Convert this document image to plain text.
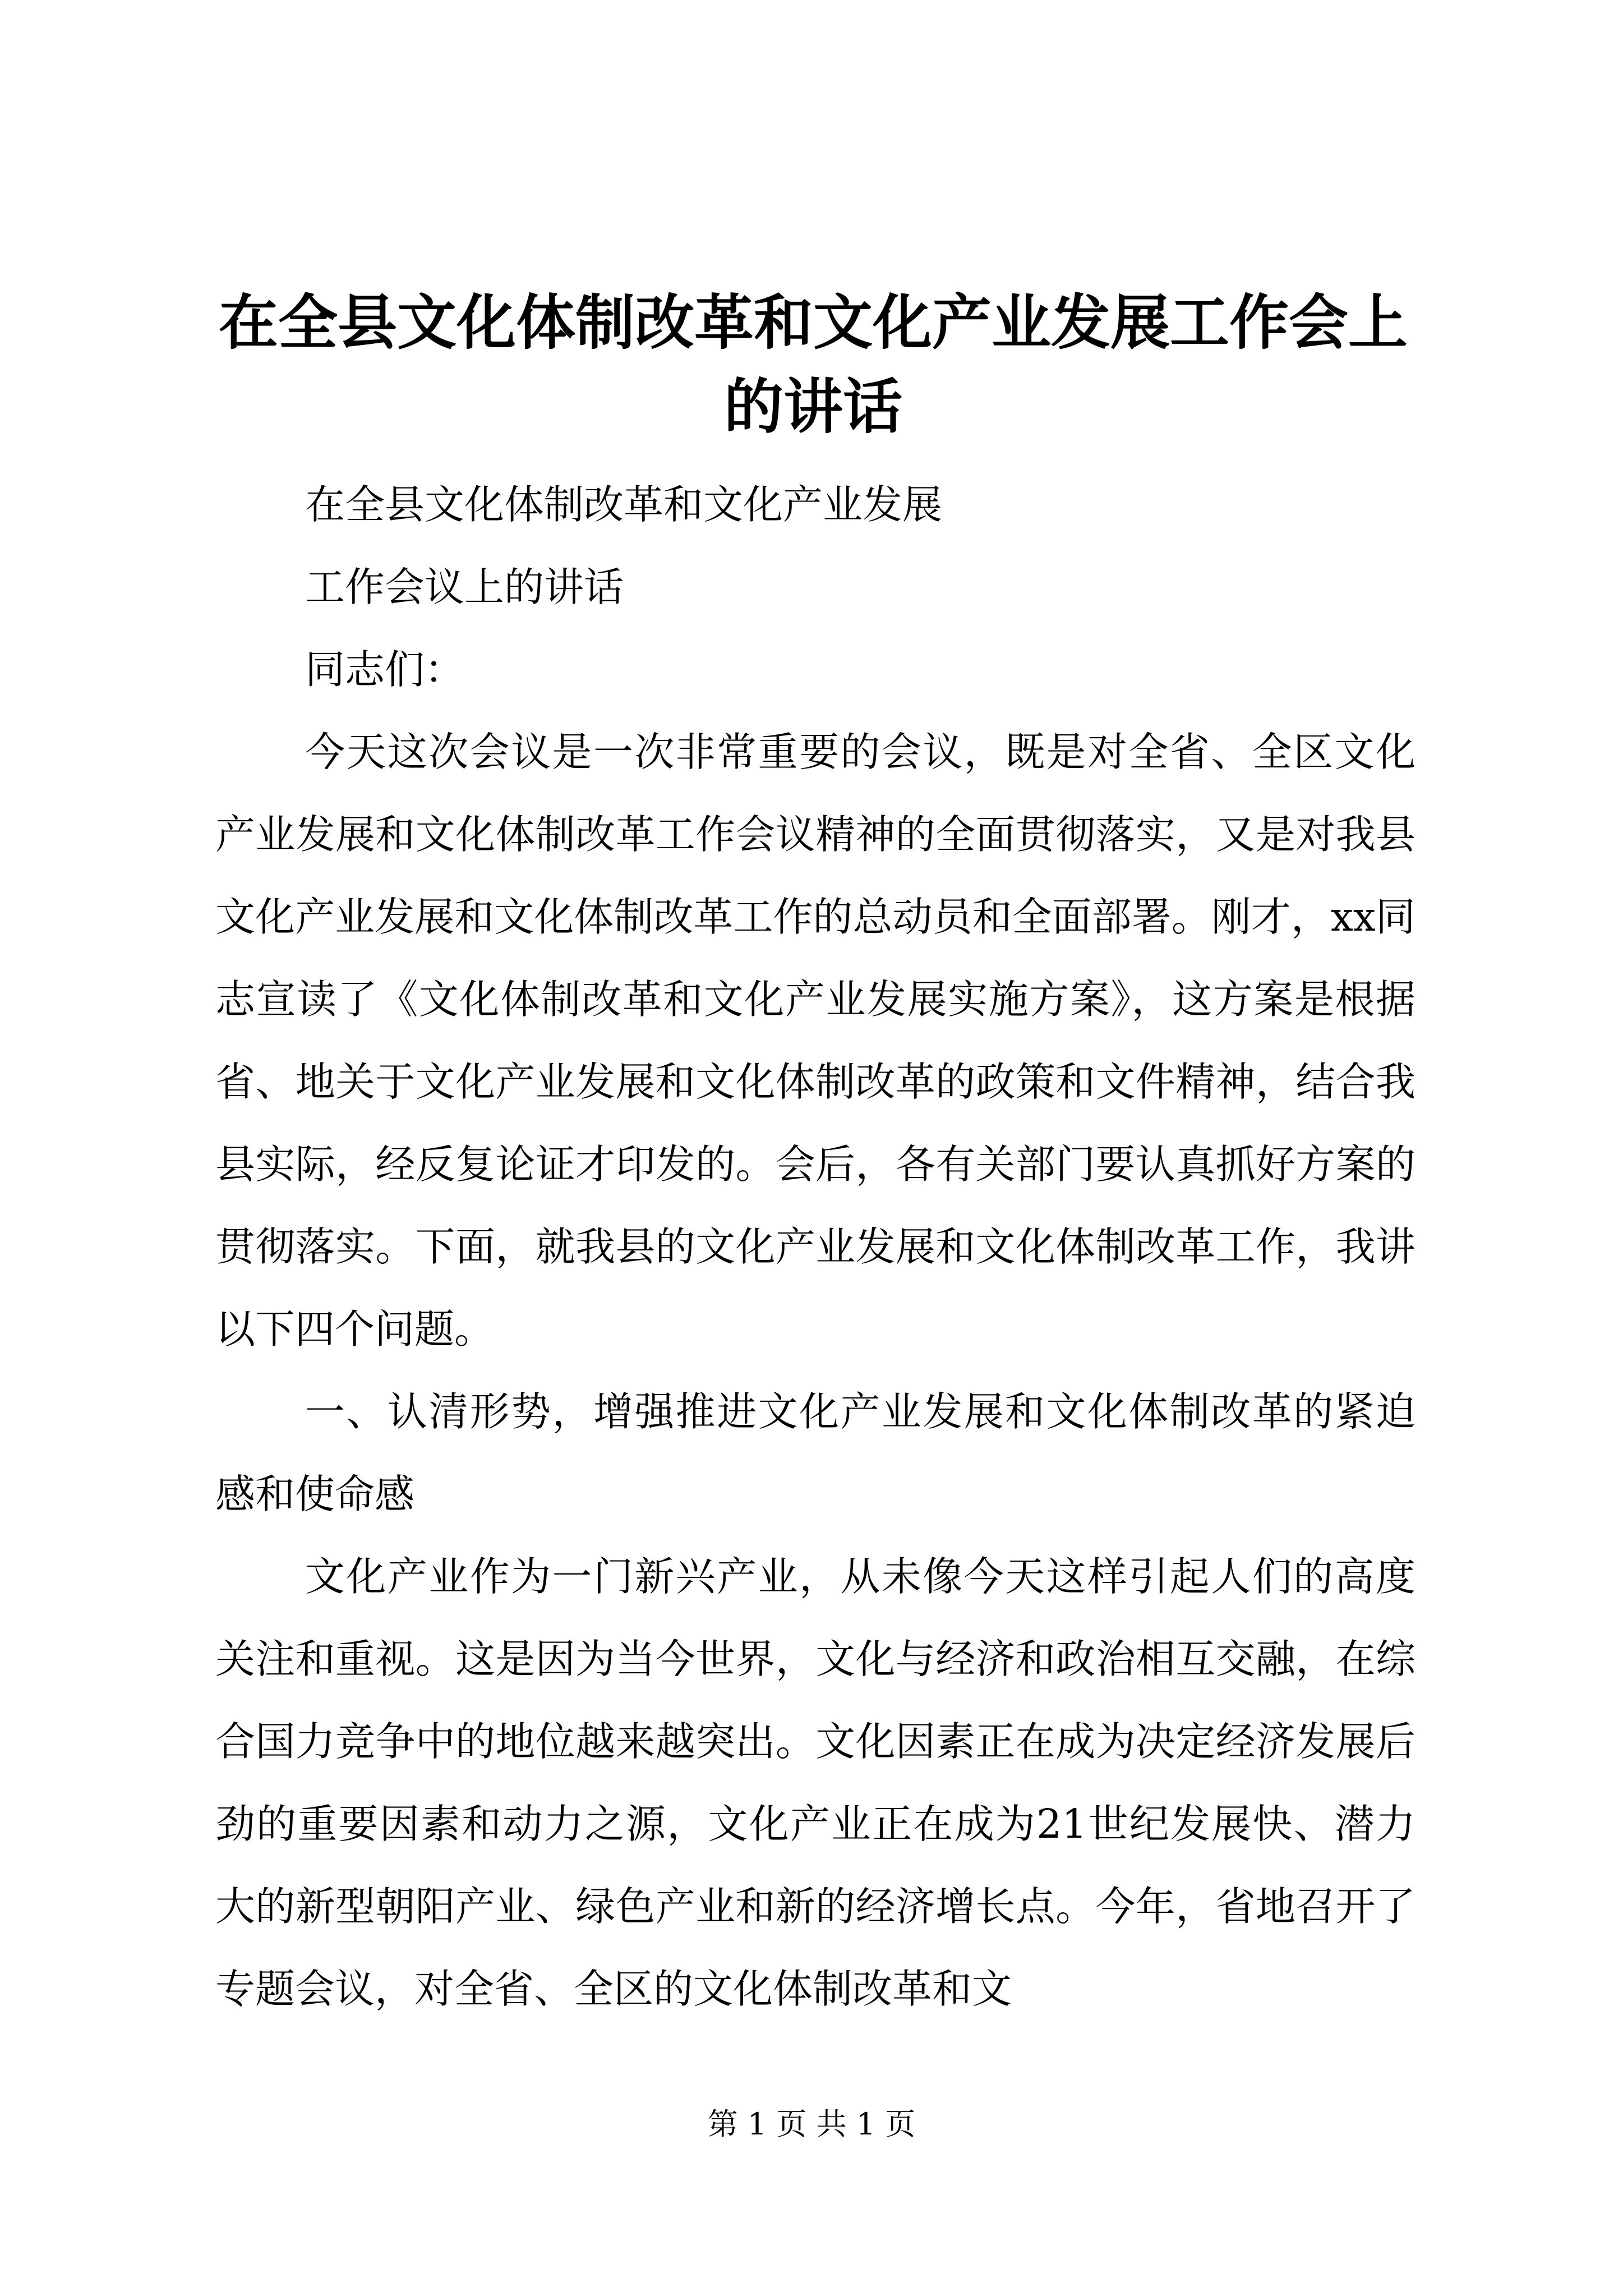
在全县文化体制改革和文化产业发展工作会上的讲话

在全县文化体制改革和文化产业发展

工作会议上的讲话

同志们：

今天这次会议是一次非常重要的会议，既是对全省、全区文化产业发展和文化体制改革工作会议精神的全面贯彻落实，又是对我县文化产业发展和文化体制改革工作的总动员和全面部署。刚才，xx同志宣读了《文化体制改革和文化产业发展实施方案》，这方案是根据省、地关于文化产业发展和文化体制改革的政策和文件精神，结合我县实际，经反复论证才印发的。会后，各有关部门要认真抓好方案的贯彻落实。下面，就我县的文化产业发展和文化体制改革工作，我讲以下四个问题。

一、认清形势，增强推进文化产业发展和文化体制改革的紧迫感和使命感

文化产业作为一门新兴产业，从未像今天这样引起人们的高度关注和重视。这是因为当今世界，文化与经济和政治相互交融，在综合国力竞争中的地位越来越突出。文化因素正在成为决定经济发展后劲的重要因素和动力之源，文化产业正在成为21世纪发展快、潜力大的新型朝阳产业、绿色产业和新的经济增长点。今年，省地召开了专题会议，对全省、全区的文化体制改革和文

第 1 页 共 1 页
